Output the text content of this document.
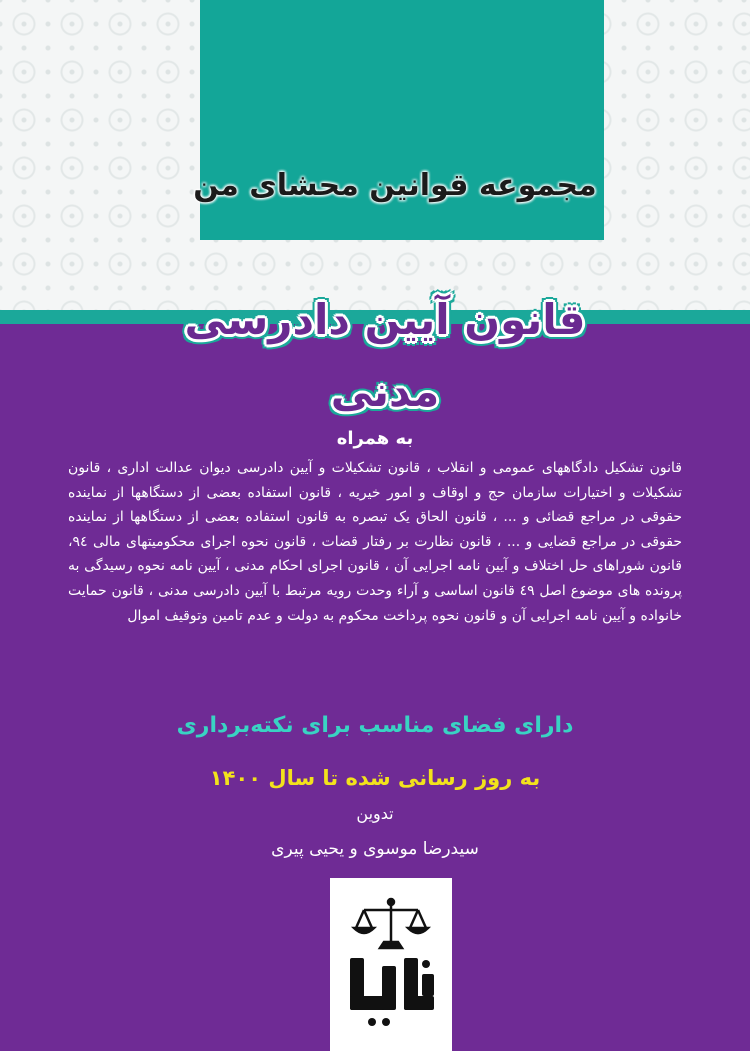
مجموعه قوانین محشای من
قانون آیین دادرسی مدنی
به همراه
قانون تشکیل دادگاههای عمومی و انقلاب ، قانون تشکیلات و آیین دادرسی دیوان عدالت اداری ، قانون تشکیلات و اختیارات سازمان حج و اوقاف و امور خیریه ، قانون استفاده بعضی از دستگاهها از نماینده حقوقی در مراجع قضائی و ... ، قانون الحاق یک تبصره به قانون استفاده بعضی از دستگاهها از نماینده حقوقی در مراجع قضایی و ... ، قانون نظارت بر رفتار قضات ، قانون نحوه اجرای محکومیتهای مالی ۹٤، قانون شوراهای حل اختلاف و آیین نامه اجرایی آن ، قانون اجرای احکام مدنی ، آیین نامه نحوه رسیدگی به پرونده های موضوع اصل ٤۹ قانون اساسی و آراء وحدت رویه مرتبط با آیین دادرسی مدنی ، قانون حمایت خانواده و آیین نامه اجرایی آن و قانون نحوه پرداخت محکوم به دولت و عدم تامین وتوقیف اموال
دارای فضای مناسب برای نکته‌برداری
به روز رسانی شده تا سال ۱۴۰۰
تدوین
سیدرضا موسوی و یحیی پیری
